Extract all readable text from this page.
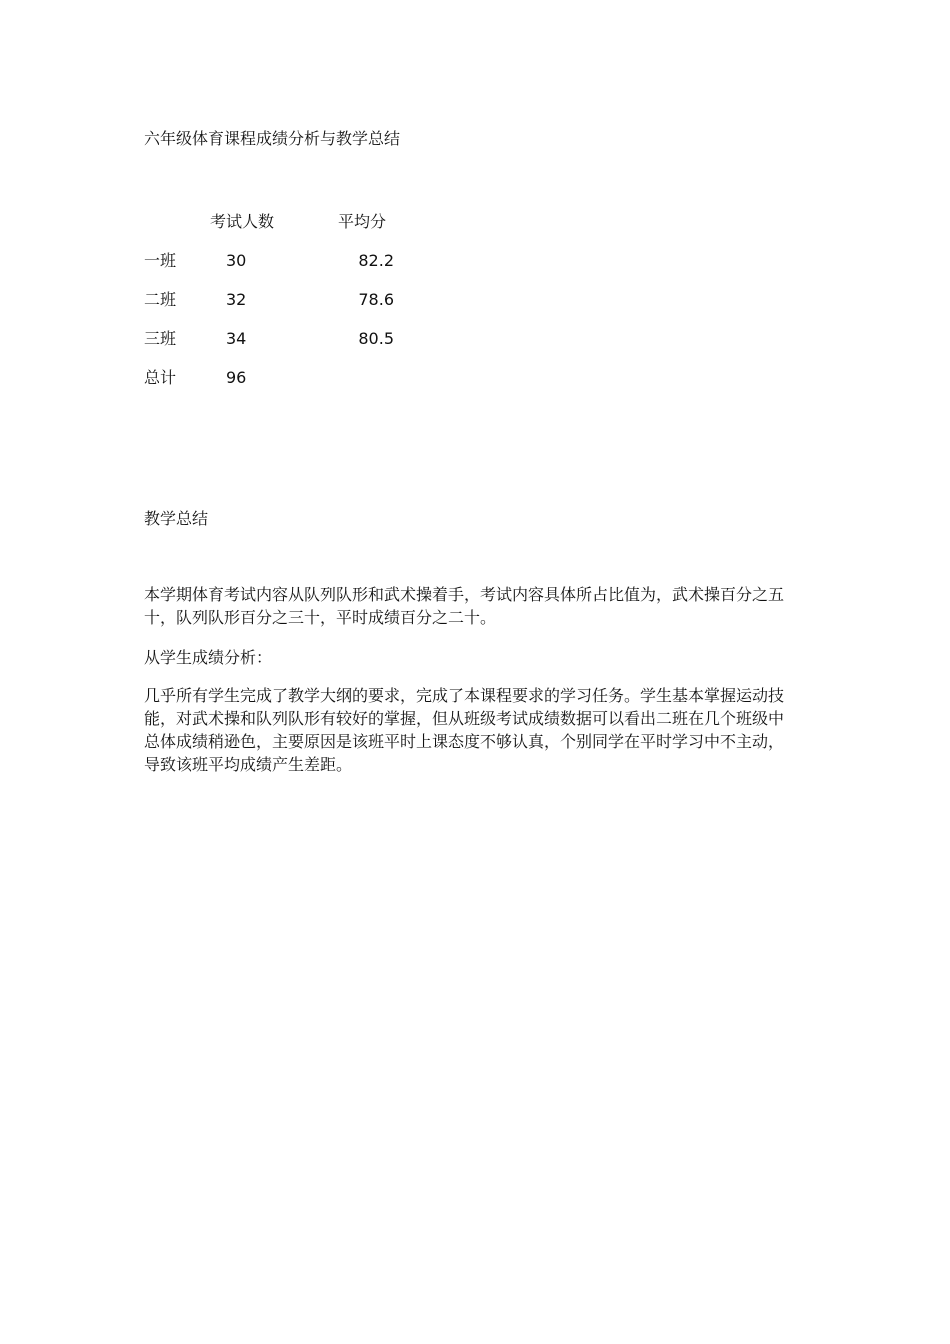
六年级体育课程成绩分析与教学总结
	考试人数	平均分
一班	30	82.2
二班	32	78.6
三班	34	80.5
总计	96	
教学总结

本学期体育考试内容从队列队形和武术操着手，考试内容具体所占比值为，武术操百分之五十，队列队形百分之三十，平时成绩百分之二十。

从学生成绩分析：

几乎所有学生完成了教学大纲的要求，完成了本课程要求的学习任务。学生基本掌握运动技能，对武术操和队列队形有较好的掌握，但从班级考试成绩数据可以看出二班在几个班级中总体成绩稍逊色，主要原因是该班平时上课态度不够认真，个别同学在平时学习中不主动，导致该班平均成绩产生差距。
